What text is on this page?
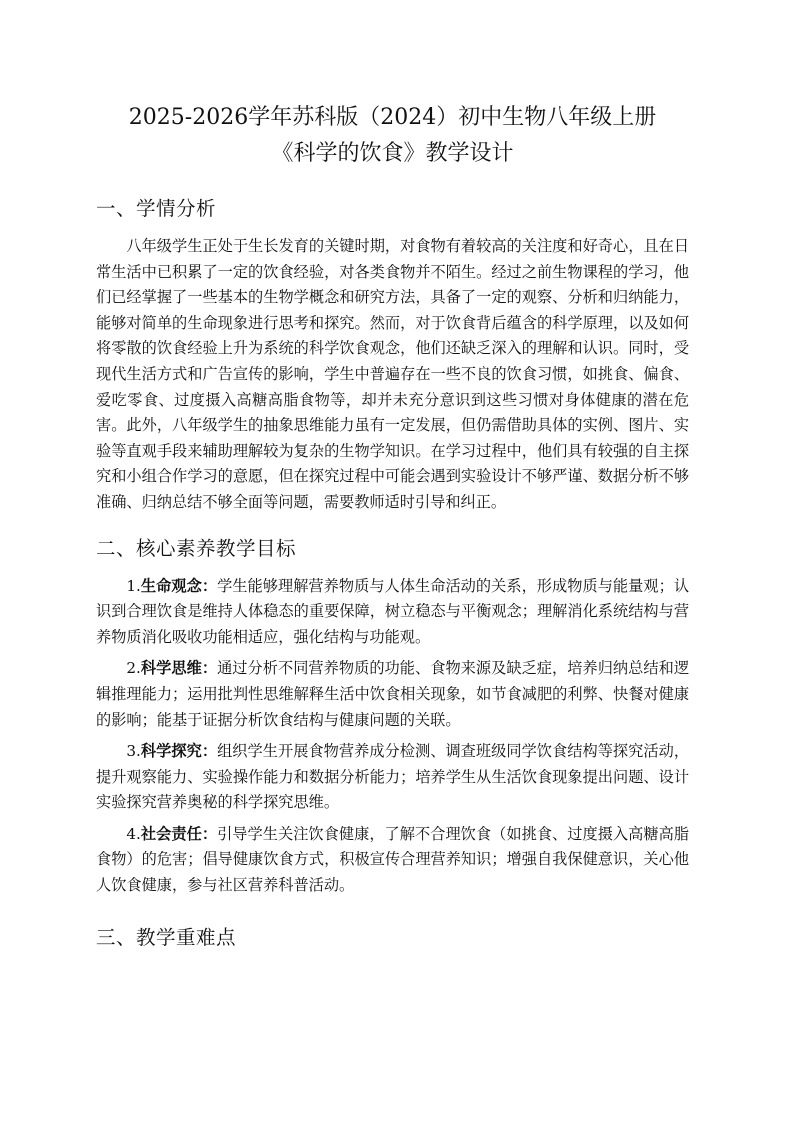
2025-2026学年苏科版（2024）初中生物八年级上册
《科学的饮食》教学设计
一、学情分析

八年级学生正处于生长发育的关键时期，对食物有着较高的关注度和好奇心，且在日常生活中已积累了一定的饮食经验，对各类食物并不陌生。经过之前生物课程的学习，他们已经掌握了一些基本的生物学概念和研究方法，具备了一定的观察、分析和归纳能力，能够对简单的生命现象进行思考和探究。然而，对于饮食背后蕴含的科学原理，以及如何将零散的饮食经验上升为系统的科学饮食观念，他们还缺乏深入的理解和认识。同时，受现代生活方式和广告宣传的影响，学生中普遍存在一些不良的饮食习惯，如挑食、偏食、爱吃零食、过度摄入高糖高脂食物等，却并未充分意识到这些习惯对身体健康的潜在危害。此外，八年级学生的抽象思维能力虽有一定发展，但仍需借助具体的实例、图片、实验等直观手段来辅助理解较为复杂的生物学知识。在学习过程中，他们具有较强的自主探究和小组合作学习的意愿，但在探究过程中可能会遇到实验设计不够严谨、数据分析不够准确、归纳总结不够全面等问题，需要教师适时引导和纠正。

二、核心素养教学目标

1.生命观念：学生能够理解营养物质与人体生命活动的关系，形成物质与能量观；认识到合理饮食是维持人体稳态的重要保障，树立稳态与平衡观念；理解消化系统结构与营养物质消化吸收功能相适应，强化结构与功能观。

2.科学思维：通过分析不同营养物质的功能、食物来源及缺乏症，培养归纳总结和逻辑推理能力；运用批判性思维解释生活中饮食相关现象，如节食减肥的利弊、快餐对健康的影响；能基于证据分析饮食结构与健康问题的关联。

3.科学探究：组织学生开展食物营养成分检测、调查班级同学饮食结构等探究活动，提升观察能力、实验操作能力和数据分析能力；培养学生从生活饮食现象提出问题、设计实验探究营养奥秘的科学探究思维。

4.社会责任：引导学生关注饮食健康，了解不合理饮食（如挑食、过度摄入高糖高脂食物）的危害；倡导健康饮食方式，积极宣传合理营养知识；增强自我保健意识，关心他人饮食健康，参与社区营养科普活动。

三、教学重难点
